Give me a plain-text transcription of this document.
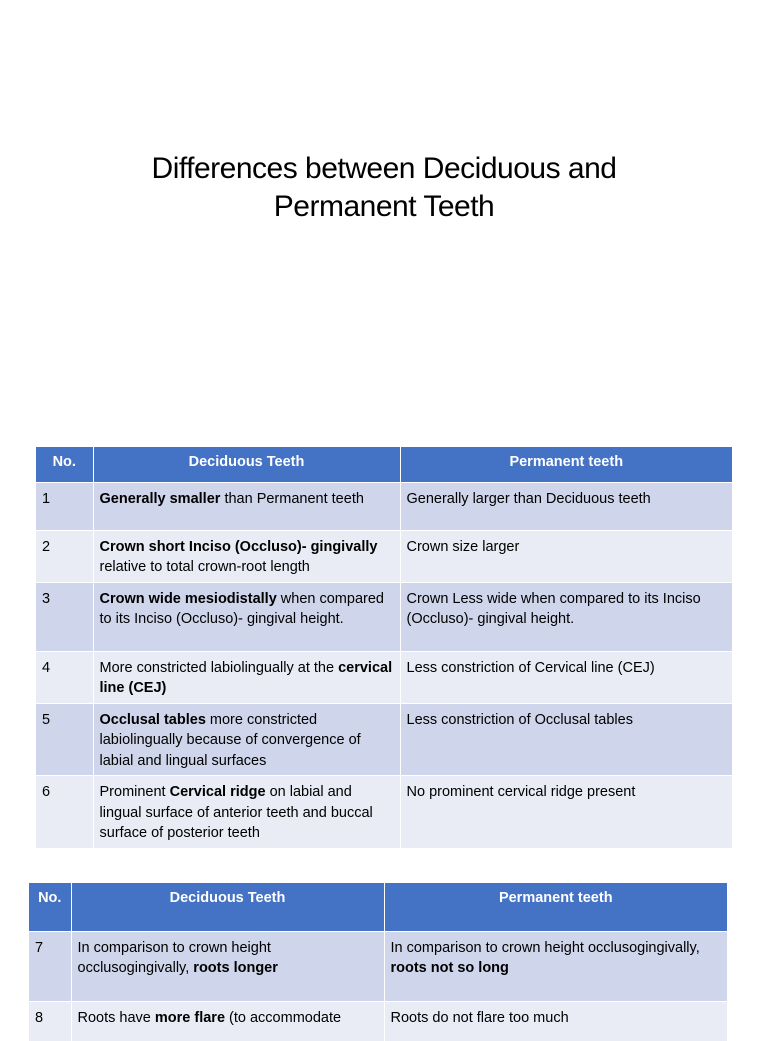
Differences between Deciduous and
Permanent Teeth
No.	Deciduous Teeth	Permanent teeth
1	Generally smaller than Permanent teeth	Generally larger than Deciduous teeth
2	Crown short Inciso (Occluso)- gingivally relative to total crown-root length	Crown size larger
3	Crown wide mesiodistally when compared to its Inciso (Occluso)- gingival height.	Crown Less wide when compared to its Inciso (Occluso)- gingival height.
4	More constricted labiolingually at the cervical line (CEJ)	Less constriction of Cervical line (CEJ)
5	Occlusal tables more constricted labiolingually because of convergence of labial and lingual surfaces	Less constriction of Occlusal tables
6	Prominent Cervical ridge on labial and lingual surface of anterior teeth and buccal surface of posterior teeth	No prominent cervical ridge present
No.	Deciduous Teeth	Permanent teeth
7	In comparison to crown height occlusogingivally, roots longer	In comparison to crown height occlusogingivally, roots not so long
8	Roots have more flare (to accommodate	Roots do not flare too much
